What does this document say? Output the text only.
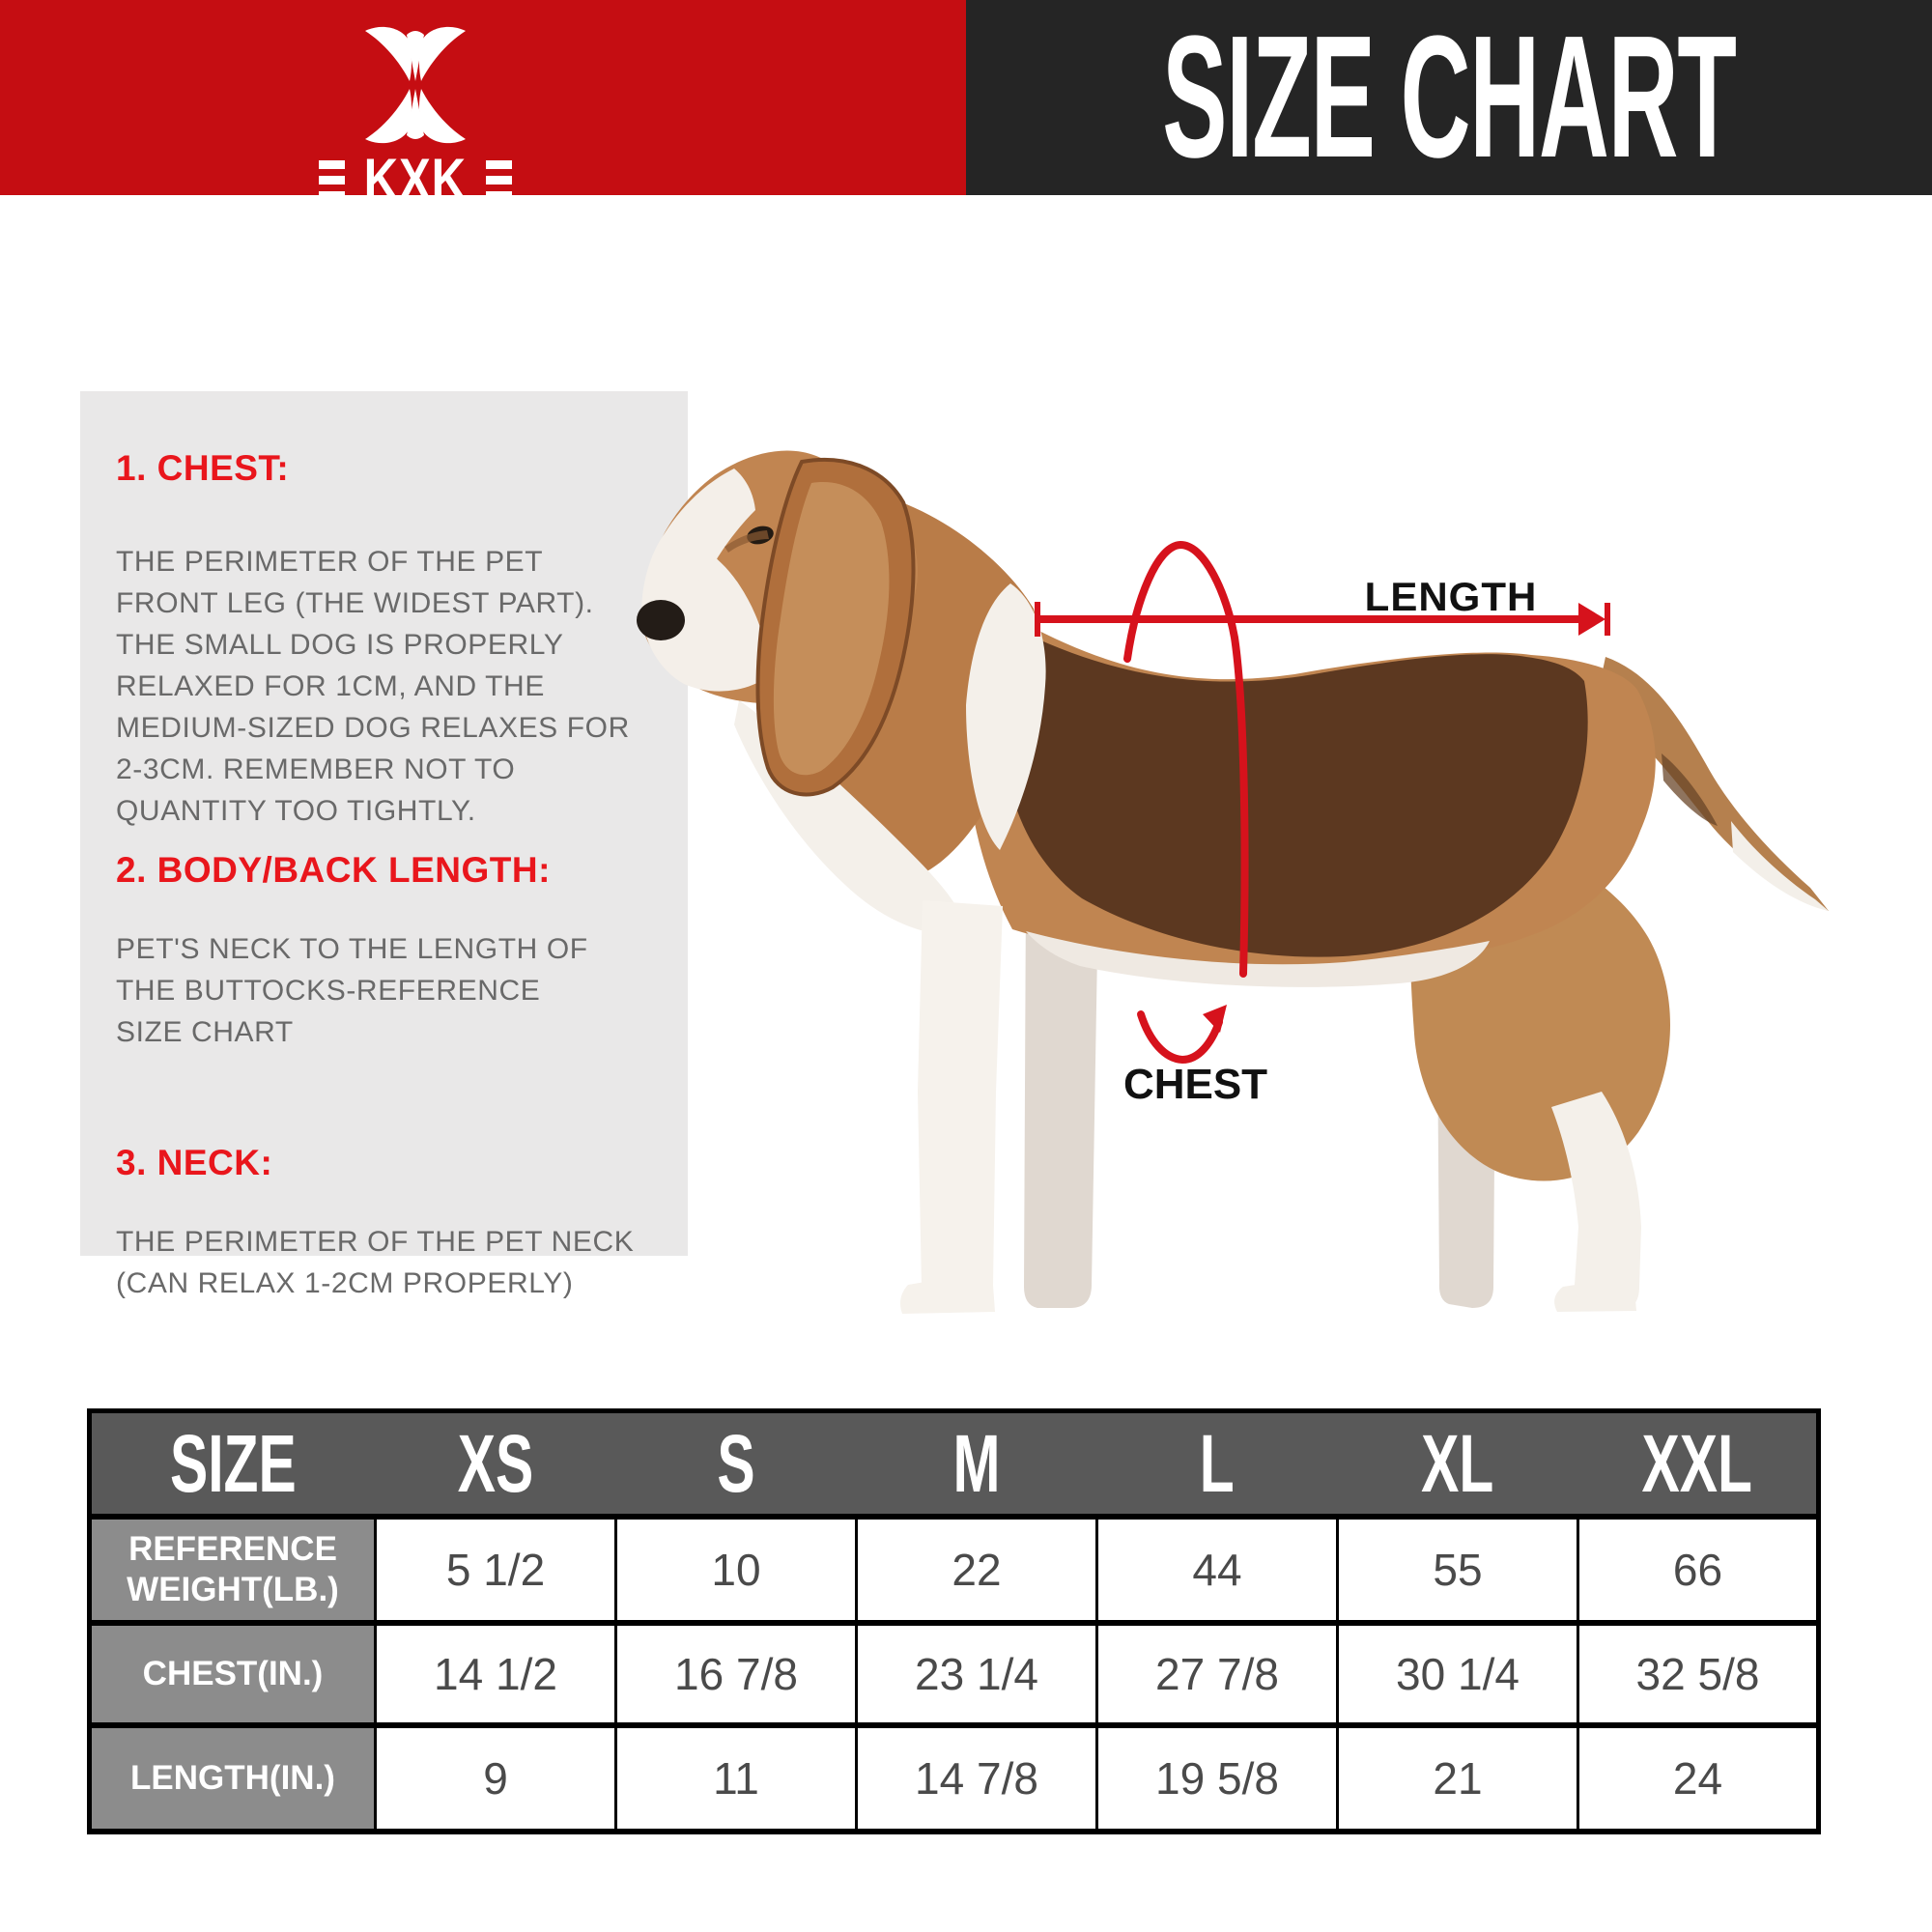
SIZE CHART
KXK
1. CHEST:

THE PERIMETER OF THE PET FRONT LEG (THE WIDEST PART). THE SMALL DOG IS PROPERLY RELAXED FOR 1CM, AND THE MEDIUM-SIZED DOG RELAXES FOR 2-3CM. REMEMBER NOT TO QUANTITY TOO TIGHTLY.

2. BODY/BACK LENGTH:

PET'S NECK TO THE LENGTH OF THE BUTTOCKS-REFERENCE SIZE CHART

3. NECK:

THE PERIMETER OF THE PET NECK (CAN RELAX 1-2CM PROPERLY)

LENGTH
CHEST
SIZE	XS	S	M	L	XL	XXL
REFERENCE WEIGHT(LB.)	5 1/2	10	22	44	55	66
CHEST(IN.)	14 1/2	16 7/8	23 1/4	27 7/8	30 1/4	32 5/8
LENGTH(IN.)	9	11	14 7/8	19 5/8	21	24
